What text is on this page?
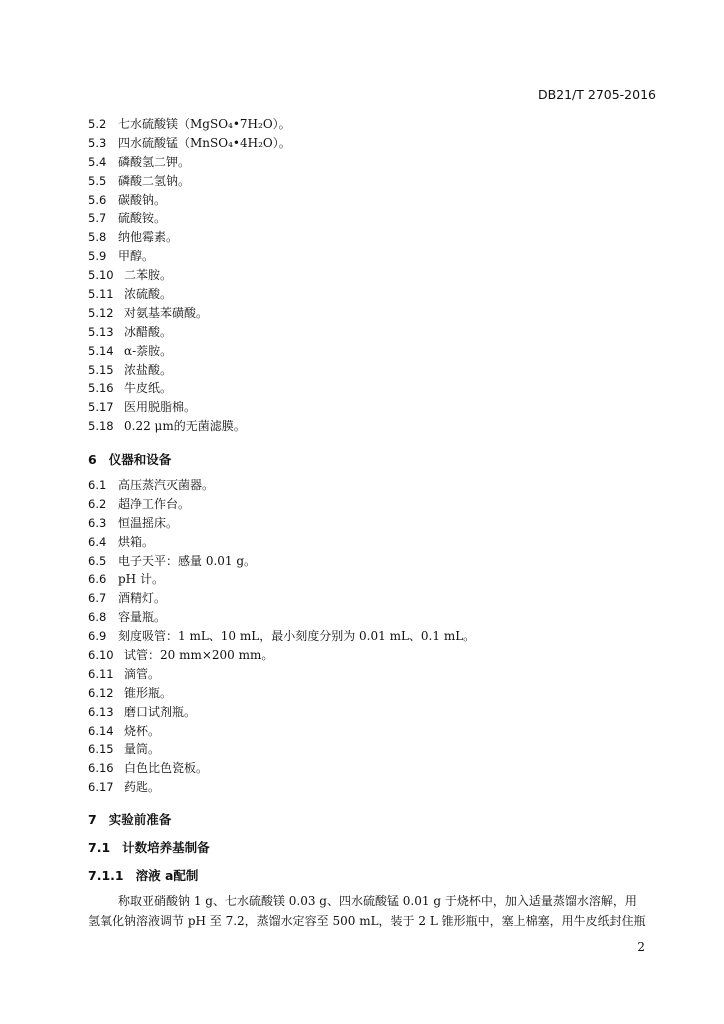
DB21/T 2705-2016
5.2 七水硫酸镁（MgSO₄•7H₂O）。
5.3 四水硫酸锰（MnSO₄•4H₂O）。
5.4 磷酸氢二钾。
5.5 磷酸二氢钠。
5.6 碳酸钠。
5.7 硫酸铵。
5.8 纳他霉素。
5.9 甲醇。
5.10 二苯胺。
5.11 浓硫酸。
5.12 对氨基苯磺酸。
5.13 冰醋酸。
5.14 α-萘胺。
5.15 浓盐酸。
5.16 牛皮纸。
5.17 医用脱脂棉。
5.18 0.22 μm的无菌滤膜。
6 仪器和设备
6.1 高压蒸汽灭菌器。
6.2 超净工作台。
6.3 恒温摇床。
6.4 烘箱。
6.5 电子天平：感量 0.01 g。
6.6 pH 计。
6.7 酒精灯。
6.8 容量瓶。
6.9 刻度吸管：1 mL、10 mL，最小刻度分别为 0.01 mL、0.1 mL。
6.10 试管：20 mm×200 mm。
6.11 滴管。
6.12 锥形瓶。
6.13 磨口试剂瓶。
6.14 烧杯。
6.15 量筒。
6.16 白色比色瓷板。
6.17 药匙。
7 实验前准备
7.1 计数培养基制备
7.1.1 溶液 a配制
称取亚硝酸钠 1 g、七水硫酸镁 0.03 g、四水硫酸锰 0.01 g 于烧杯中，加入适量蒸馏水溶解，用
氢氧化钠溶液调节 pH 至 7.2，蒸馏水定容至 500 mL，装于 2 L 锥形瓶中，塞上棉塞，用牛皮纸封住瓶
2
